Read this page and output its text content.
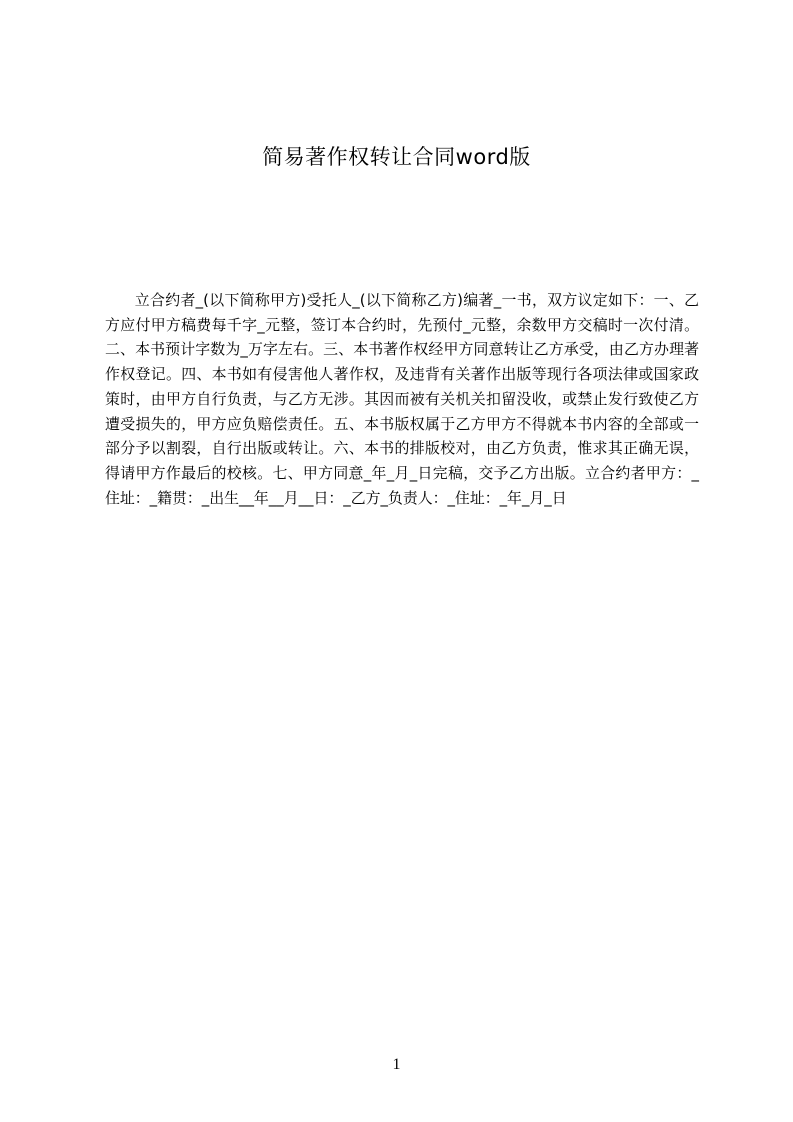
简易著作权转让合同word版

立合约者_(以下简称甲方)受托人_(以下简称乙方)编著_一书，双方议定如下：一、乙方应付甲方稿费每千字_元整，签订本合约时，先预付_元整，余数甲方交稿时一次付清。二、本书预计字数为_万字左右。三、本书著作权经甲方同意转让乙方承受，由乙方办理著作权登记。四、本书如有侵害他人著作权，及违背有关著作出版等现行各项法律或国家政策时，由甲方自行负责，与乙方无涉。其因而被有关机关扣留没收，或禁止发行致使乙方遭受损失的，甲方应负赔偿责任。五、本书版权属于乙方甲方不得就本书内容的全部或一部分予以割裂，自行出版或转让。六、本书的排版校对，由乙方负责，惟求其正确无误，得请甲方作最后的校核。七、甲方同意_年_月_日完稿，交予乙方出版。立合约者甲方：_住址：_籍贯：_出生__年__月__日：_乙方_负责人：_住址：_年_月_日

1
